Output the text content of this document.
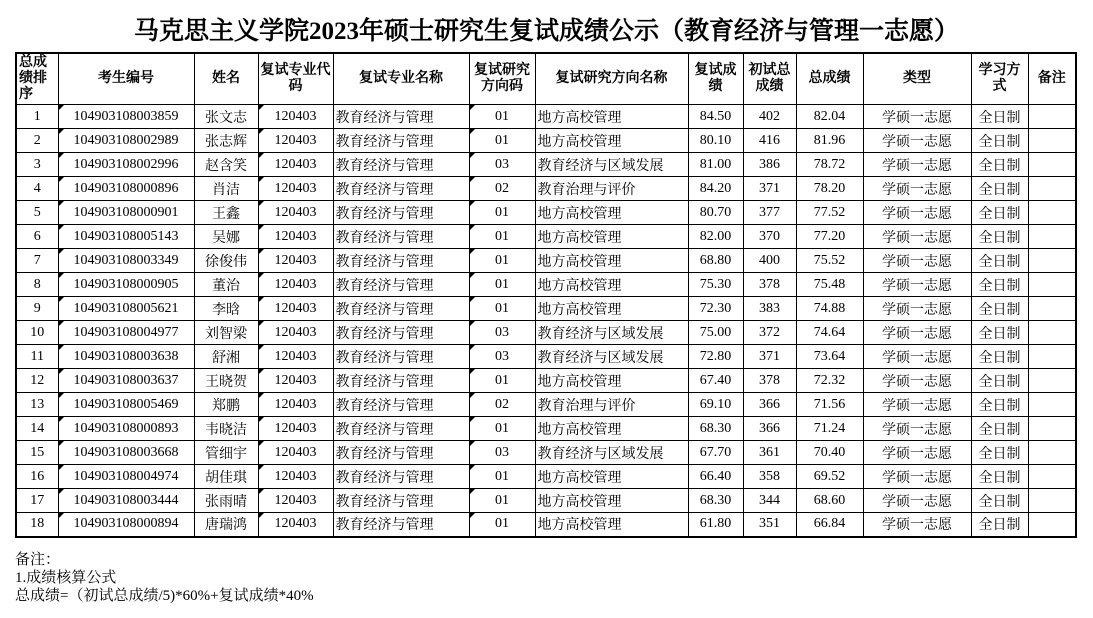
马克思主义学院2023年硕士研究生复试成绩公示（教育经济与管理一志愿）
总成绩排序	考生编号	姓名	复试专业代码	复试专业名称	复试研究方向码	复试研究方向名称	复试成绩	初试总成绩	总成绩	类型	学习方式	备注
1	104903108003859	张文志	120403	教育经济与管理	01	地方高校管理	84.50	402	82.04	学硕一志愿	全日制	
2	104903108002989	张志辉	120403	教育经济与管理	01	地方高校管理	80.10	416	81.96	学硕一志愿	全日制	
3	104903108002996	赵含笑	120403	教育经济与管理	03	教育经济与区域发展	81.00	386	78.72	学硕一志愿	全日制	
4	104903108000896	肖洁	120403	教育经济与管理	02	教育治理与评价	84.20	371	78.20	学硕一志愿	全日制	
5	104903108000901	王鑫	120403	教育经济与管理	01	地方高校管理	80.70	377	77.52	学硕一志愿	全日制	
6	104903108005143	吴娜	120403	教育经济与管理	01	地方高校管理	82.00	370	77.20	学硕一志愿	全日制	
7	104903108003349	徐俊伟	120403	教育经济与管理	01	地方高校管理	68.80	400	75.52	学硕一志愿	全日制	
8	104903108000905	董治	120403	教育经济与管理	01	地方高校管理	75.30	378	75.48	学硕一志愿	全日制	
9	104903108005621	李晗	120403	教育经济与管理	01	地方高校管理	72.30	383	74.88	学硕一志愿	全日制	
10	104903108004977	刘智梁	120403	教育经济与管理	03	教育经济与区域发展	75.00	372	74.64	学硕一志愿	全日制	
11	104903108003638	舒湘	120403	教育经济与管理	03	教育经济与区域发展	72.80	371	73.64	学硕一志愿	全日制	
12	104903108003637	王晓贺	120403	教育经济与管理	01	地方高校管理	67.40	378	72.32	学硕一志愿	全日制	
13	104903108005469	郑鹏	120403	教育经济与管理	02	教育治理与评价	69.10	366	71.56	学硕一志愿	全日制	
14	104903108000893	韦晓洁	120403	教育经济与管理	01	地方高校管理	68.30	366	71.24	学硕一志愿	全日制	
15	104903108003668	管细宇	120403	教育经济与管理	03	教育经济与区域发展	67.70	361	70.40	学硕一志愿	全日制	
16	104903108004974	胡佳琪	120403	教育经济与管理	01	地方高校管理	66.40	358	69.52	学硕一志愿	全日制	
17	104903108003444	张雨晴	120403	教育经济与管理	01	地方高校管理	68.30	344	68.60	学硕一志愿	全日制	
18	104903108000894	唐瑞鸿	120403	教育经济与管理	01	地方高校管理	61.80	351	66.84	学硕一志愿	全日制	
备注：
1.成绩核算公式
总成绩=（初试总成绩/5)*60%+复试成绩*40%
